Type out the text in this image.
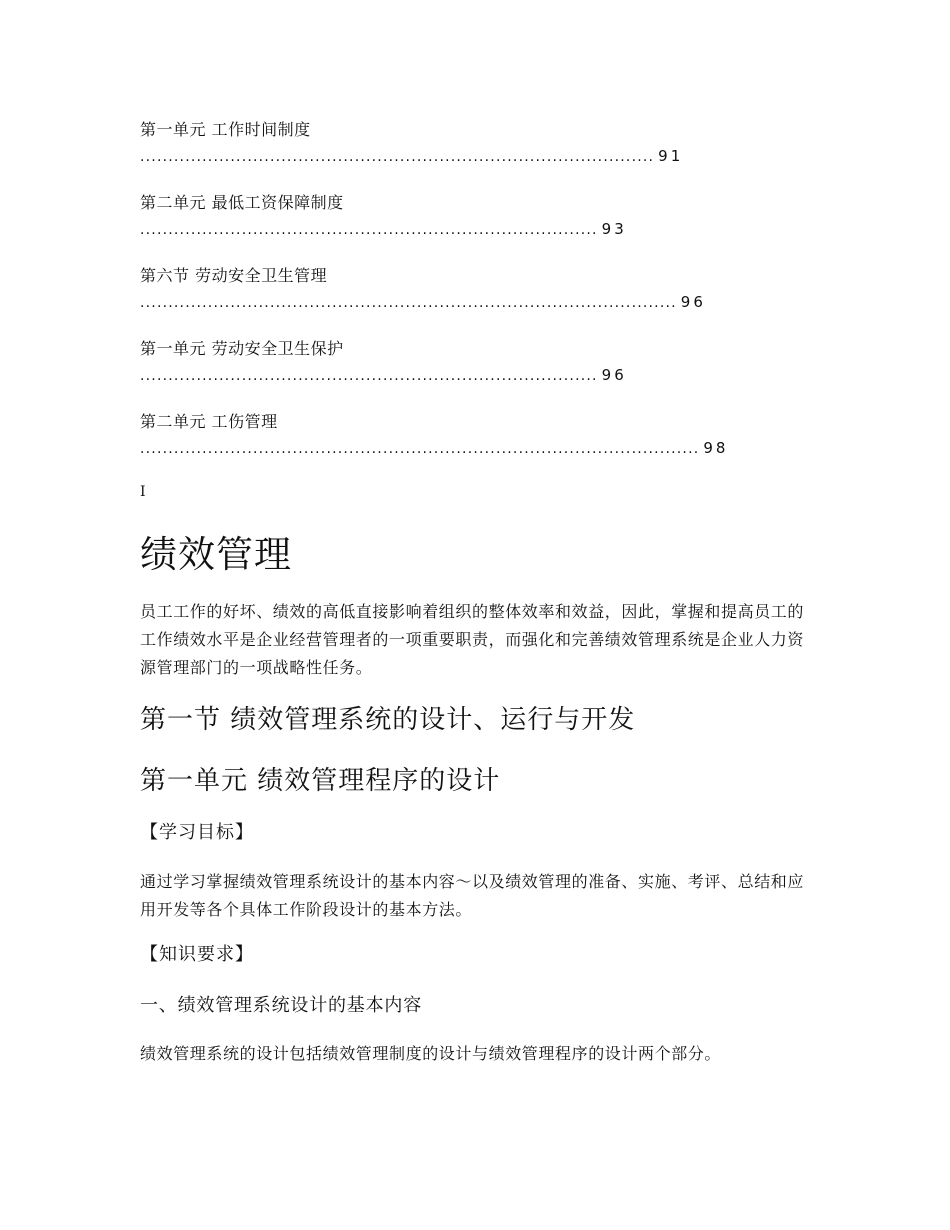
第一单元 工作时间制度
........................................................................................... 91
第二单元 最低工资保障制度
................................................................................. 93
第六节 劳动安全卫生管理
............................................................................................... 96
第一单元 劳动安全卫生保护
................................................................................. 96
第二单元 工伤管理
................................................................................................... 98
I
绩效管理
员工工作的好坏、绩效的高低直接影响着组织的整体效率和效益，因此，掌握和提高员工的工作绩效水平是企业经营管理者的一项重要职责，而强化和完善绩效管理系统是企业人力资源管理部门的一项战略性任务。
第一节 绩效管理系统的设计、运行与开发
第一单元 绩效管理程序的设计
【学习目标】
通过学习掌握绩效管理系统设计的基本内容～以及绩效管理的准备、实施、考评、总结和应用开发等各个具体工作阶段设计的基本方法。
【知识要求】
一、绩效管理系统设计的基本内容
绩效管理系统的设计包括绩效管理制度的设计与绩效管理程序的设计两个部分。
